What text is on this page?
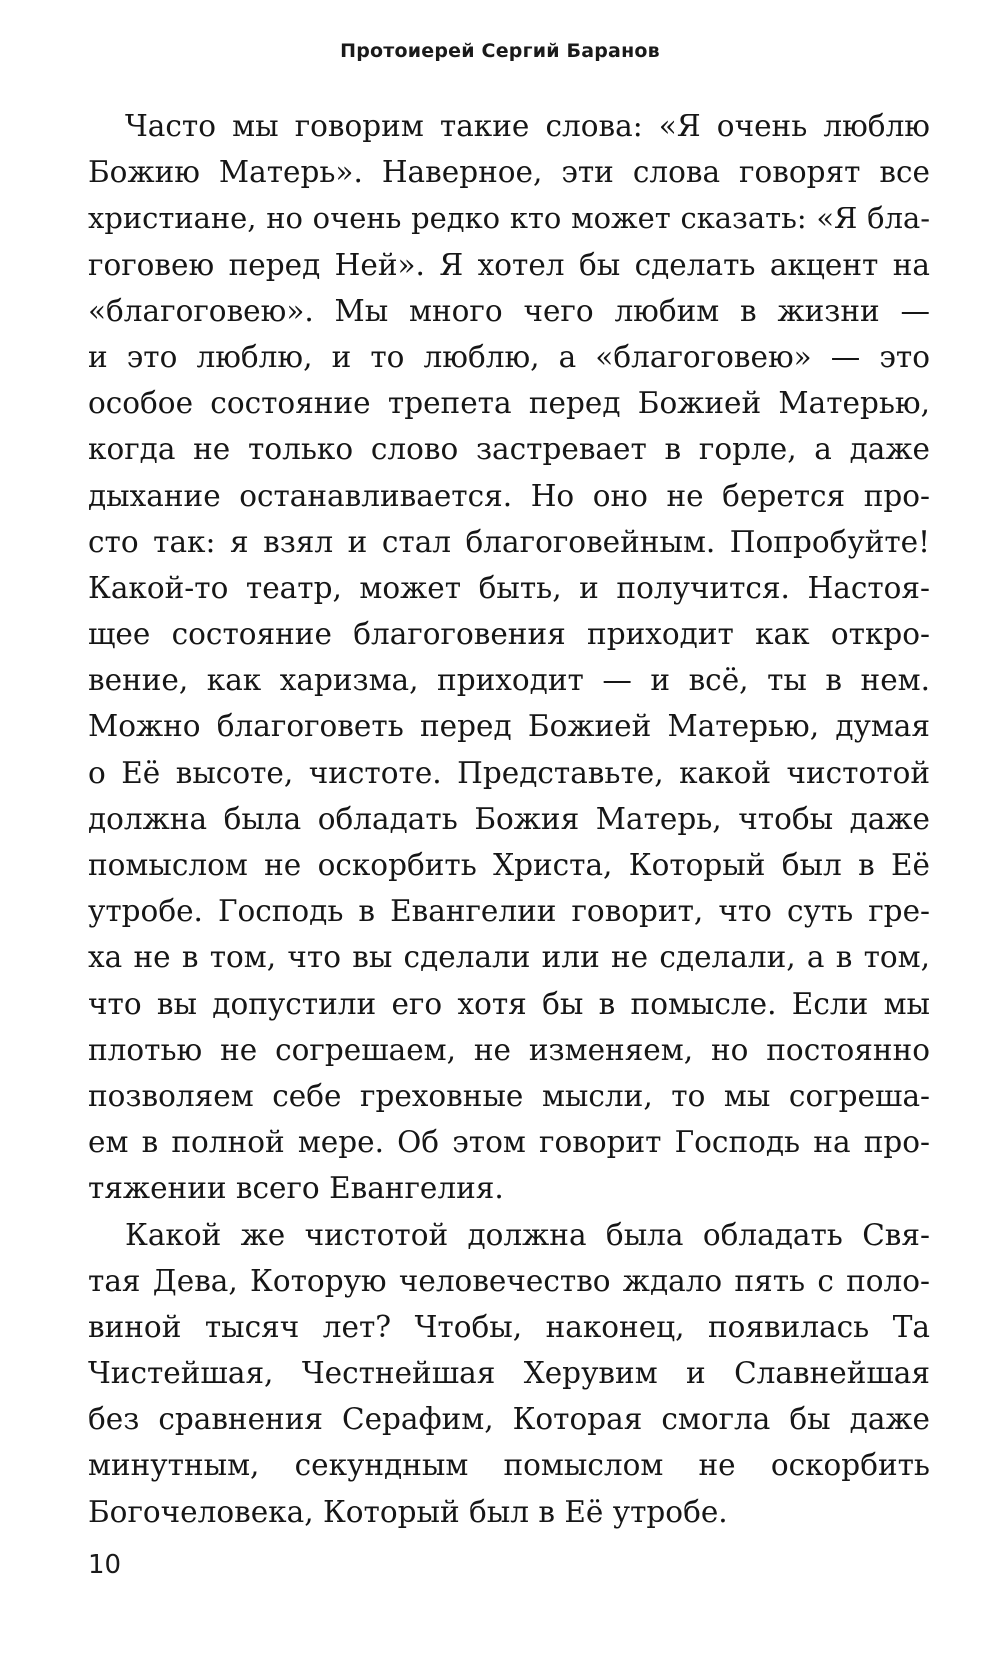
Протоиерей Сергий Баранов
Часто мы говорим такие слова: «Я очень люблю
Божию Матерь». Наверное, эти слова говорят все
христиане, но очень редко кто может сказать: «Я бла-
гоговею перед Ней». Я хотел бы сделать акцент на
«благоговею». Мы много чего любим в жизни —
и это люблю, и то люблю, а «благоговею» — это
особое состояние трепета перед Божией Матерью,
когда не только слово застревает в горле, а даже
дыхание останавливается. Но оно не берется про-
сто так: я взял и стал благоговейным. Попробуйте!
Какой-то театр, может быть, и получится. Настоя-
щее состояние благоговения приходит как откро-
вение, как харизма, приходит — и всё, ты в нем.
Можно благоговеть перед Божией Матерью, думая
о Её высоте, чистоте. Представьте, какой чистотой
должна была обладать Божия Матерь, чтобы даже
помыслом не оскорбить Христа, Который был в Её
утробе. Господь в Евангелии говорит, что суть гре-
ха не в том, что вы сделали или не сделали, а в том,
что вы допустили его хотя бы в помысле. Если мы
плотью не согрешаем, не изменяем, но постоянно
позволяем себе греховные мысли, то мы согреша-
ем в полной мере. Об этом говорит Господь на про-
тяжении всего Евангелия.
Какой же чистотой должна была обладать Свя-
тая Дева, Которую человечество ждало пять с поло-
виной тысяч лет? Чтобы, наконец, появилась Та
Чистейшая, Честнейшая Херувим и Славнейшая
без сравнения Серафим, Которая смогла бы даже
минутным, секундным помыслом не оскорбить
Богочеловека, Который был в Её утробе.
10
